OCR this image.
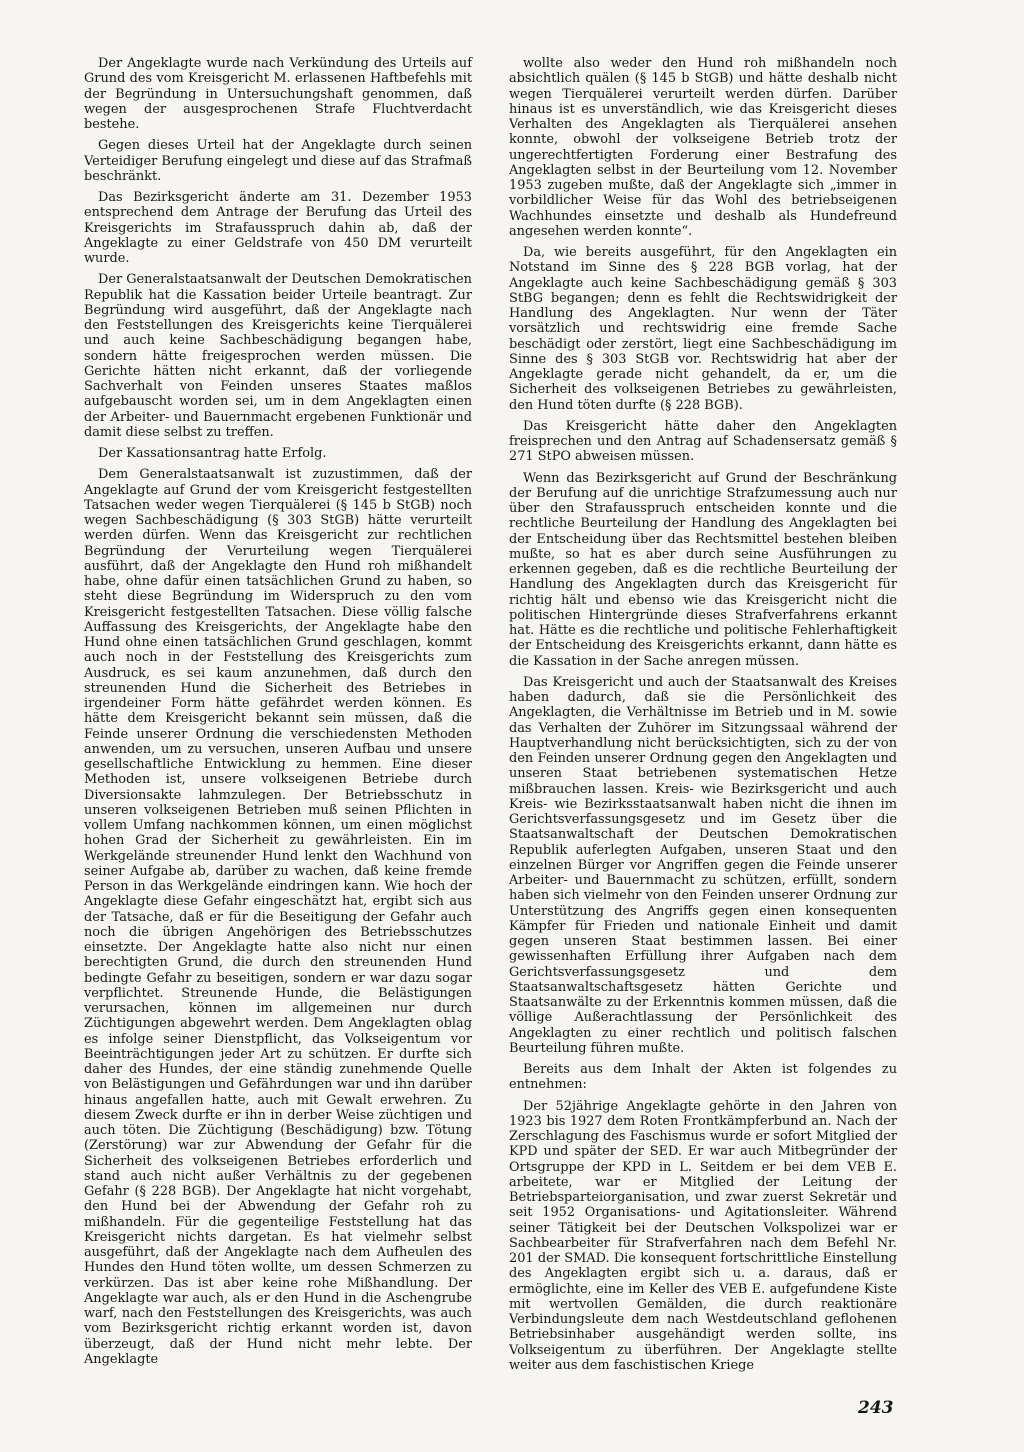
Der Angeklagte wurde nach Verkündung des Urteils auf Grund des vom Kreisgericht M. erlassenen Haftbefehls mit der Begründung in Untersuchungshaft genommen, daß wegen der ausgesprochenen Strafe Fluchtverdacht bestehe.

Gegen dieses Urteil hat der Angeklagte durch seinen Verteidiger Berufung eingelegt und diese auf das Strafmaß beschränkt.

Das Bezirksgericht änderte am 31. Dezember 1953 entsprechend dem Antrage der Berufung das Urteil des Kreisgerichts im Strafausspruch dahin ab, daß der Angeklagte zu einer Geldstrafe von 450 DM verurteilt wurde.

Der Generalstaatsanwalt der Deutschen Demokratischen Republik hat die Kassation beider Urteile beantragt. Zur Begründung wird ausgeführt, daß der Angeklagte nach den Feststellungen des Kreisgerichts keine Tierquälerei und auch keine Sachbeschädigung begangen habe, sondern hätte freigesprochen werden müssen. Die Gerichte hätten nicht erkannt, daß der vorliegende Sachverhalt von Feinden unseres Staates maßlos aufgebauscht worden sei, um in dem Angeklagten einen der Arbeiter- und Bauernmacht ergebenen Funktionär und damit diese selbst zu treffen.

Der Kassationsantrag hatte Erfolg.

Dem Generalstaatsanwalt ist zuzustimmen, daß der Angeklagte auf Grund der vom Kreisgericht festgestellten Tatsachen weder wegen Tierquälerei (§ 145 b StGB) noch wegen Sachbeschädigung (§ 303 StGB) hätte verurteilt werden dürfen. Wenn das Kreisgericht zur rechtlichen Begründung der Verurteilung wegen Tierquälerei ausführt, daß der Angeklagte den Hund roh mißhandelt habe, ohne dafür einen tatsächlichen Grund zu haben, so steht diese Begründung im Widerspruch zu den vom Kreisgericht festgestellten Tatsachen. Diese völlig falsche Auffassung des Kreisgerichts, der Angeklagte habe den Hund ohne einen tatsächlichen Grund geschlagen, kommt auch noch in der Feststellung des Kreisgerichts zum Ausdruck, es sei kaum anzunehmen, daß durch den streunenden Hund die Sicherheit des Betriebes in irgendeiner Form hätte gefährdet werden können. Es hätte dem Kreisgericht bekannt sein müssen, daß die Feinde unserer Ordnung die verschiedensten Methoden anwenden, um zu versuchen, unseren Aufbau und unsere gesellschaftliche Entwicklung zu hemmen. Eine dieser Methoden ist, unsere volkseigenen Betriebe durch Diversionsakte lahmzulegen. Der Betriebsschutz in unseren volkseigenen Betrieben muß seinen Pflichten in vollem Umfang nachkommen können, um einen möglichst hohen Grad der Sicherheit zu gewährleisten. Ein im Werkgelände streunender Hund lenkt den Wachhund von seiner Aufgabe ab, darüber zu wachen, daß keine fremde Person in das Werkgelände eindringen kann. Wie hoch der Angeklagte diese Gefahr eingeschätzt hat, ergibt sich aus der Tatsache, daß er für die Beseitigung der Gefahr auch noch die übrigen Angehörigen des Betriebsschutzes einsetzte. Der Angeklagte hatte also nicht nur einen berechtigten Grund, die durch den streunenden Hund bedingte Gefahr zu beseitigen, sondern er war dazu sogar verpflichtet. Streunende Hunde, die Belästigungen verursachen, können im allgemeinen nur durch Züchtigungen abgewehrt werden. Dem Angeklagten oblag es infolge seiner Dienstpflicht, das Volkseigentum vor Beeinträchtigungen jeder Art zu schützen. Er durfte sich daher des Hundes, der eine ständig zunehmende Quelle von Belästigungen und Gefährdungen war und ihn darüber hinaus angefallen hatte, auch mit Gewalt erwehren. Zu diesem Zweck durfte er ihn in derber Weise züchtigen und auch töten. Die Züchtigung (Beschädigung) bzw. Tötung (Zerstörung) war zur Abwendung der Gefahr für die Sicherheit des volkseigenen Betriebes erforderlich und stand auch nicht außer Verhältnis zu der gegebenen Gefahr (§ 228 BGB). Der Angeklagte hat nicht vorgehabt, den Hund bei der Abwendung der Gefahr roh zu mißhandeln. Für die gegenteilige Feststellung hat das Kreisgericht nichts dargetan. Es hat vielmehr selbst ausgeführt, daß der Angeklagte nach dem Aufheulen des Hundes den Hund töten wollte, um dessen Schmerzen zu verkürzen. Das ist aber keine rohe Mißhandlung. Der Angeklagte war auch, als er den Hund in die Aschengrube warf, nach den Feststellungen des Kreisgerichts, was auch vom Bezirksgericht richtig erkannt worden ist, davon überzeugt, daß der Hund nicht mehr lebte. Der Angeklagte

wollte also weder den Hund roh mißhandeln noch absichtlich quälen (§ 145 b StGB) und hätte deshalb nicht wegen Tierquälerei verurteilt werden dürfen. Darüber hinaus ist es unverständlich, wie das Kreisgericht dieses Verhalten des Angeklagten als Tierquälerei ansehen konnte, obwohl der volkseigene Betrieb trotz der ungerechtfertigten Forderung einer Bestrafung des Angeklagten selbst in der Beurteilung vom 12. November 1953 zugeben mußte, daß der Angeklagte sich „immer in vorbildlicher Weise für das Wohl des betriebseigenen Wachhundes einsetzte und deshalb als Hundefreund angesehen werden konnte“.

Da, wie bereits ausgeführt, für den Angeklagten ein Notstand im Sinne des § 228 BGB vorlag, hat der Angeklagte auch keine Sachbeschädigung gemäß § 303 StBG begangen; denn es fehlt die Rechtswidrigkeit der Handlung des Angeklagten. Nur wenn der Täter vorsätzlich und rechtswidrig eine fremde Sache beschädigt oder zerstört, liegt eine Sachbeschädigung im Sinne des § 303 StGB vor. Rechtswidrig hat aber der Angeklagte gerade nicht gehandelt, da er, um die Sicherheit des volkseigenen Betriebes zu gewährleisten, den Hund töten durfte (§ 228 BGB).

Das Kreisgericht hätte daher den Angeklagten freisprechen und den Antrag auf Schadensersatz gemäß § 271 StPO abweisen müssen.

Wenn das Bezirksgericht auf Grund der Beschränkung der Berufung auf die unrichtige Strafzumessung auch nur über den Strafausspruch entscheiden konnte und die rechtliche Beurteilung der Handlung des Angeklagten bei der Entscheidung über das Rechtsmittel bestehen bleiben mußte, so hat es aber durch seine Ausführungen zu erkennen gegeben, daß es die rechtliche Beurteilung der Handlung des Angeklagten durch das Kreisgericht für richtig hält und ebenso wie das Kreisgericht nicht die politischen Hintergründe dieses Strafverfahrens erkannt hat. Hätte es die rechtliche und politische Fehlerhaftigkeit der Entscheidung des Kreisgerichts erkannt, dann hätte es die Kassation in der Sache anregen müssen.

Das Kreisgericht und auch der Staatsanwalt des Kreises haben dadurch, daß sie die Persönlichkeit des Angeklagten, die Verhältnisse im Betrieb und in M. sowie das Verhalten der Zuhörer im Sitzungssaal während der Hauptverhandlung nicht berücksichtigten, sich zu der von den Feinden unserer Ordnung gegen den Angeklagten und unseren Staat betriebenen systematischen Hetze mißbrauchen lassen. Kreis- wie Bezirksgericht und auch Kreis- wie Bezirksstaatsanwalt haben nicht die ihnen im Gerichtsverfassungsgesetz und im Gesetz über die Staatsanwaltschaft der Deutschen Demokratischen Republik auferlegten Aufgaben, unseren Staat und den einzelnen Bürger vor Angriffen gegen die Feinde unserer Arbeiter- und Bauernmacht zu schützen, erfüllt, sondern haben sich vielmehr von den Feinden unserer Ordnung zur Unterstützung des Angriffs gegen einen konsequenten Kämpfer für Frieden und nationale Einheit und damit gegen unseren Staat bestimmen lassen. Bei einer gewissenhaften Erfüllung ihrer Aufgaben nach dem Gerichtsverfassungsgesetz und dem Staatsanwaltschaftsgesetz hätten Gerichte und Staatsanwälte zu der Erkenntnis kommen müssen, daß die völlige Außerachtlassung der Persönlichkeit des Angeklagten zu einer rechtlich und politisch falschen Beurteilung führen mußte.

Bereits aus dem Inhalt der Akten ist folgendes zu entnehmen:

Der 52jährige Angeklagte gehörte in den Jahren von 1923 bis 1927 dem Roten Frontkämpferbund an. Nach der Zerschlagung des Faschismus wurde er sofort Mitglied der KPD und später der SED. Er war auch Mitbegründer der Ortsgruppe der KPD in L. Seitdem er bei dem VEB E. arbeitete, war er Mitglied der Leitung der Betriebsparteiorganisation, und zwar zuerst Sekretär und seit 1952 Organisations- und Agitationsleiter. Während seiner Tätigkeit bei der Deutschen Volkspolizei war er Sachbearbeiter für Strafverfahren nach dem Befehl Nr. 201 der SMAD. Die konsequent fortschrittliche Einstellung des Angeklagten ergibt sich u. a. daraus, daß er ermöglichte, eine im Keller des VEB E. aufgefundene Kiste mit wertvollen Gemälden, die durch reaktionäre Verbindungsleute dem nach Westdeutschland geflohenen Betriebsinhaber ausgehändigt werden sollte, ins Volkseigentum zu überführen. Der Angeklagte stellte weiter aus dem faschistischen Kriege

243
